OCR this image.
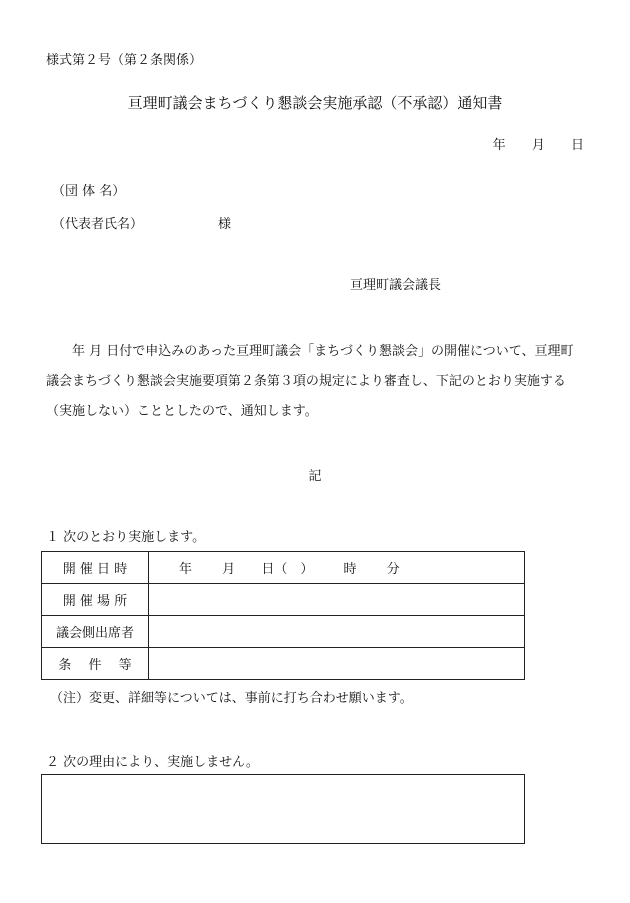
様式第２号（第２条関係）
亘理町議会まちづくり懇談会実施承認（不承認）通知書
年 月 日
（団 体 名）
（代表者氏名）	様
亘理町議会議長
年 月 日付で申込みのあった亘理町議会「まちづくり懇談会」の開催について、亘理町議会まちづくり懇談会実施要項第２条第３項の規定により審査し、下記のとおり実施する（実施しない）こととしたので、通知します。
記
１ 次のとおり実施します。
開 催 日 時	年 月 日（　） 時 分
開 催 場 所	
議会側出席者	
条　 件　 等	
（注）変更、詳細等については、事前に打ち合わせ願います。
２ 次の理由により、実施しません。
